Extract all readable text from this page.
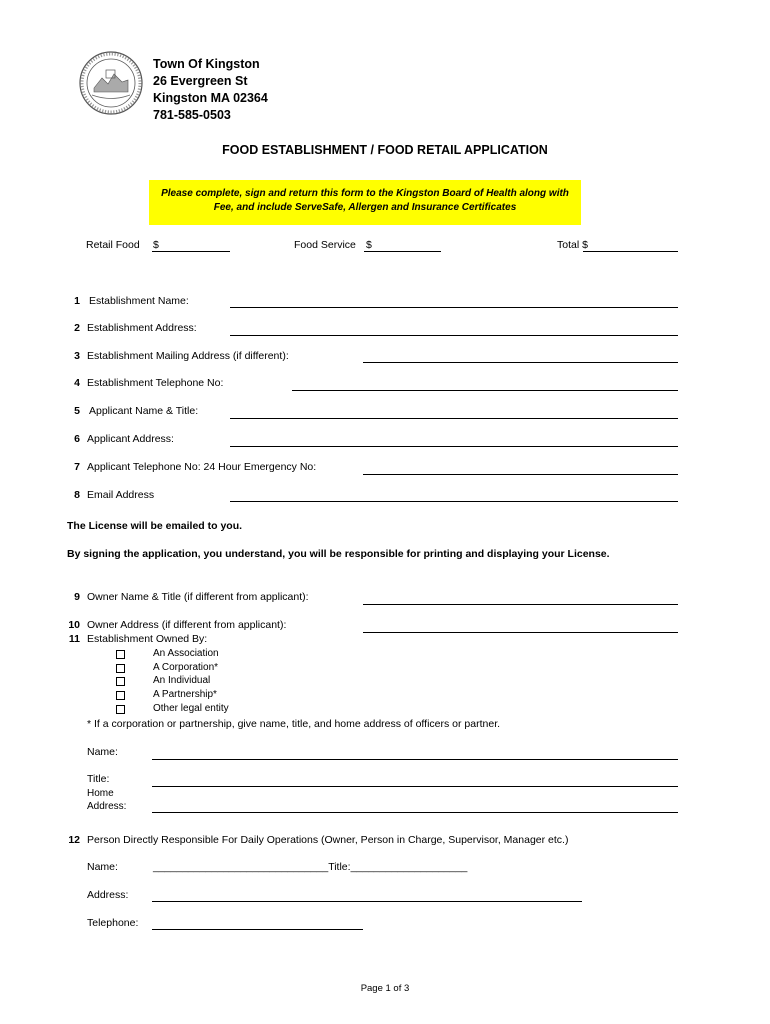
Town Of Kingston
26 Evergreen St
Kingston MA 02364
781-585-0503
FOOD ESTABLISHMENT / FOOD RETAIL APPLICATION
Please complete, sign and return this form to the Kingston Board of Health along with
Fee, and include ServeSafe, Allergen and Insurance Certificates
Retail Food $	Food Service $	Total $
1 Establishment Name:
2 Establishment Address:
3 Establishment Mailing Address (if different):
4 Establishment Telephone No:
5 Applicant Name & Title:
6 Applicant Address:
7 Applicant Telephone No: 24 Hour Emergency No:
8 Email Address
The License will be emailed to you.
By signing the application, you understand, you will be responsible for printing and displaying your License.
9 Owner Name & Title (if different from applicant):
10 Owner Address (if different from applicant):
11 Establishment Owned By:
An Association
A Corporation*
An Individual
A Partnership*
Other legal entity
* If a corporation or partnership, give name, title, and home address of officers or partner.
Name:
Title:
Home
Address:
12 Person Directly Responsible For Daily Operations (Owner, Person in Charge, Supervisor, Manager etc.)
Name:	______________________________Title:____________________
Address:
Telephone:
Page 1 of 3
